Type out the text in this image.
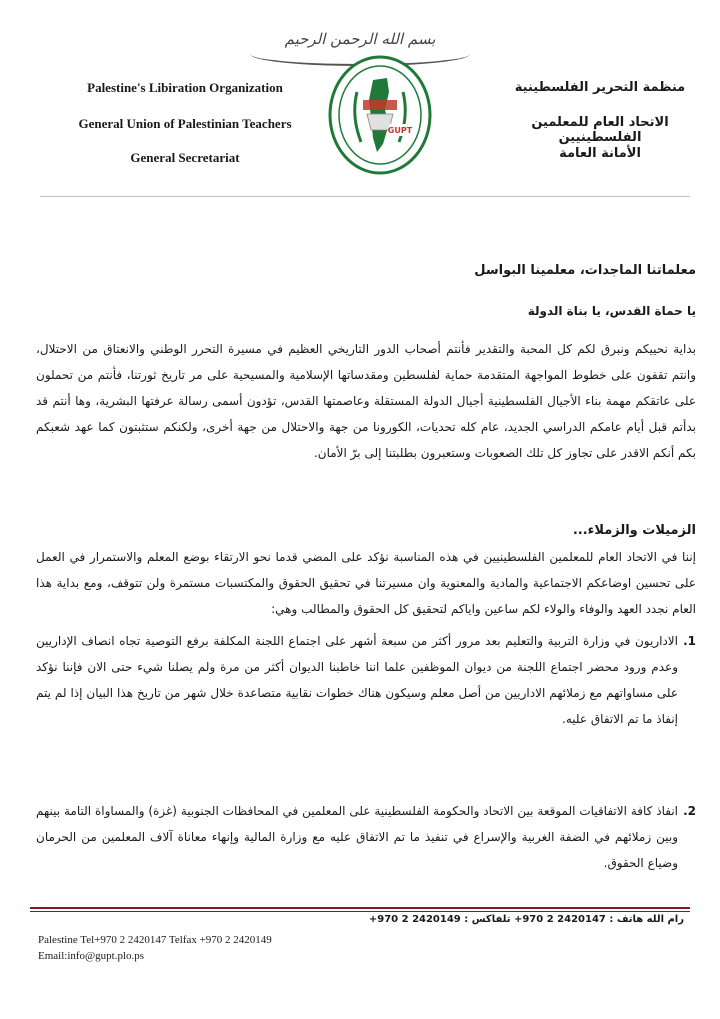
بسم الله الرحمن الرحيم
Palestine's Libiration Organization
General Union of Palestinian Teachers
General Secretariat
منظمة التحرير الفلسطينية
الاتحاد العام للمعلمين الفلسطينيين
الأمانة العامة
GUPT
معلماتنا الماجدات، معلمينا البواسل
يا حماة القدس، يا بناة الدولة
بداية نحييكم ونبرق لكم كل المحبة والتقدير فأنتم أصحاب الدور التاريخي العظيم في مسيرة التحرر الوطني والانعتاق من الاحتلال، وانتم تقفون على خطوط المواجهة المتقدمة حماية لفلسطين ومقدساتها الإسلامية والمسيحية على مر تاريخ ثورتنا، فأنتم من تحملون على عاتقكم مهمة بناء الأجيال الفلسطينية أجيال الدولة المستقلة وعاصمتها القدس، تؤدون أسمى رسالة عرفتها البشرية، وها أنتم قد بدأتم قبل أيام عامكم الدراسي الجديد، عام كله تحديات، الكورونا من جهة والاحتلال من جهة أخرى، ولكنكم ستثبتون كما عهد شعبكم بكم أنكم الاقدر على تجاوز كل تلك الصعوبات وستعبرون بطلبتنا إلى برّ الأمان.
الزميلات والزملاء...
إننا في الاتحاد العام للمعلمين الفلسطينيين في هذه المناسبة نؤكد على المضي قدما نحو الارتقاء بوضع المعلم والاستمرار في العمل على تحسين اوضاعكم الاجتماعية والمادية والمعنوية وان مسيرتنا في تحقيق الحقوق والمكتسبات مستمرة ولن تتوقف، ومع بداية هذا العام نجدد العهد والوفاء والولاء لكم ساعين واياكم لتحقيق كل الحقوق والمطالب وهي:
1.
الاداريون في وزارة التربية والتعليم بعد مرور أكثر من سبعة أشهر على اجتماع اللجنة المكلفة برفع التوصية تجاه انصاف الإداريين وعدم ورود محضر اجتماع اللجنة من ديوان الموظفين علما اننا خاطبنا الديوان أكثر من مرة ولم يصلنا شيء حتى الان فإننا نؤكد على مساواتهم مع زملائهم الاداريين من أصل معلم وسيكون هناك خطوات نقابية متصاعدة خلال شهر من تاريخ هذا البيان إذا لم يتم إنفاذ ما تم الاتفاق عليه.
2.
انفاذ كافة الاتفاقيات الموقعة بين الاتحاد والحكومة الفلسطينية على المعلمين في المحافظات الجنوبية (غزة) والمساواة التامة بينهم وبين زملائهم في الضفة الغربية والإسراع في تنفيذ ما تم الاتفاق عليه مع وزارة المالية وإنهاء معاناة آلاف المعلمين من الحرمان وضياع الحقوق.
رام الله هاتف : 2420147 2 970+ تلفاكس : 2420149 2 970+
Palestine Tel+970 2 2420147 Telfax +970 2 2420149
Email:info@gupt.plo.ps
